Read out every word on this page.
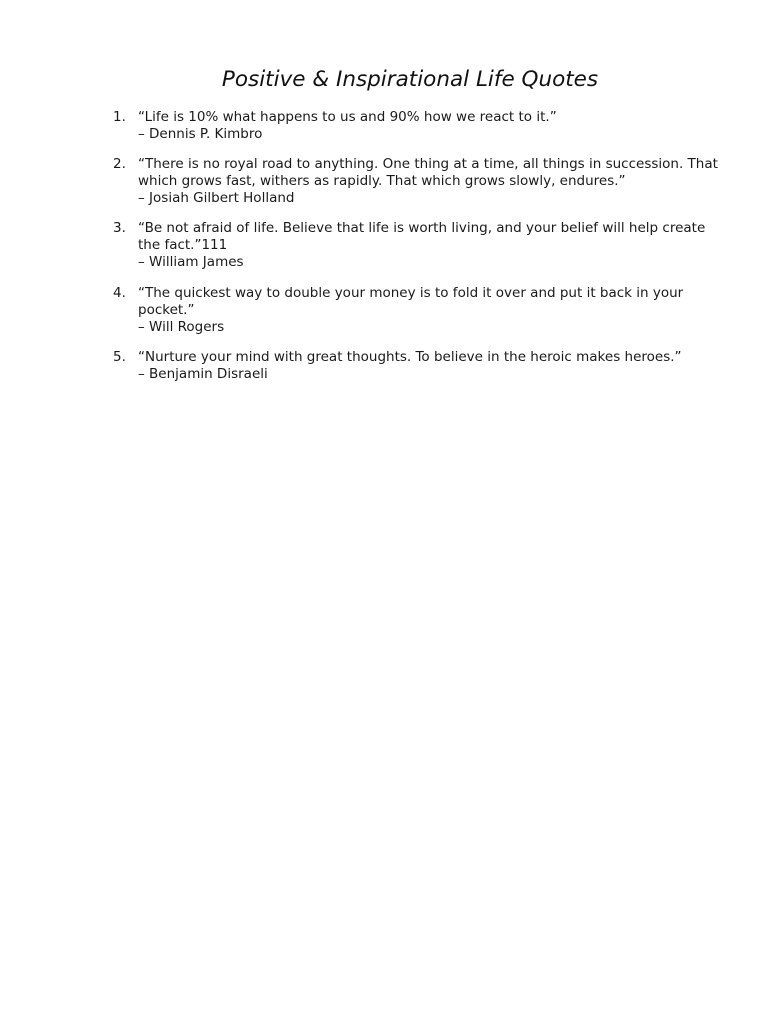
Positive & Inspirational Life Quotes
1. “Life is 10% what happens to us and 90% how we react to it.”
– Dennis P. Kimbro
2. “There is no royal road to anything. One thing at a time, all things in succession. That which grows fast, withers as rapidly. That which grows slowly, endures.”
– Josiah Gilbert Holland
3. “Be not afraid of life. Believe that life is worth living, and your belief will help create the fact.”111
– William James
4. “The quickest way to double your money is to fold it over and put it back in your pocket.”
– Will Rogers
5. “Nurture your mind with great thoughts. To believe in the heroic makes heroes.”
– Benjamin Disraeli
